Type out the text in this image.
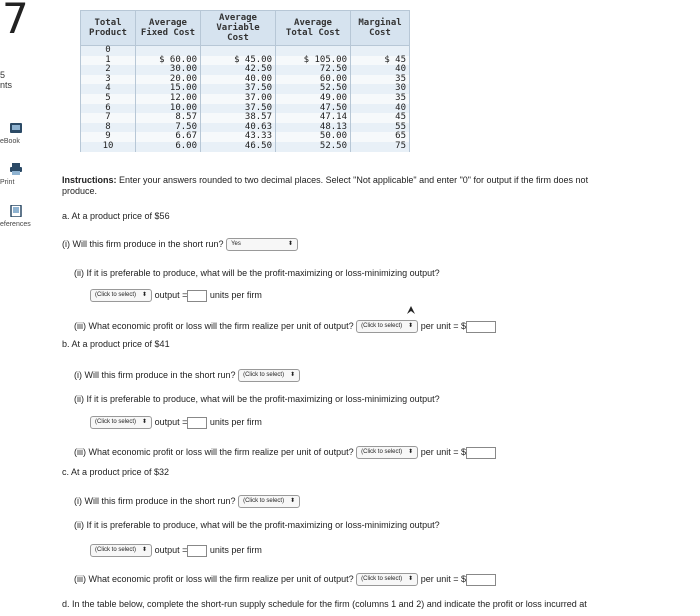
7
5
nts
eBook
Print
eferences
Total Product	Average Fixed Cost	Average Variable Cost	Average Total Cost	Marginal Cost
0				
1	$ 60.00	$ 45.00	$ 105.00	$ 45
2	30.00	42.50	72.50	40
3	20.00	40.00	60.00	35
4	15.00	37.50	52.50	30
5	12.00	37.00	49.00	35
6	10.00	37.50	47.50	40
7	8.57	38.57	47.14	45
8	7.50	40.63	48.13	55
9	6.67	43.33	50.00	65
10	6.00	46.50	52.50	75
Instructions: Enter your answers rounded to two decimal places. Select "Not applicable" and enter "0" for output if the firm does not
produce.
a. At a product price of $56
(i) Will this firm produce in the short run? Yes	⬍
(ii) If it is preferable to produce, what will be the profit-maximizing or loss-minimizing output?
(Click to select) ⬍ output =	units per firm
(iii) What economic profit or loss will the firm realize per unit of output? (Click to select) ⬍ per unit = $
b. At a product price of $41
(i) Will this firm produce in the short run? (Click to select) ⬍
(ii) If it is preferable to produce, what will be the profit-maximizing or loss-minimizing output?
(Click to select) ⬍ output =	units per firm
(iii) What economic profit or loss will the firm realize per unit of output? (Click to select) ⬍ per unit = $
c. At a product price of $32
(i) Will this firm produce in the short run? (Click to select) ⬍
(ii) If it is preferable to produce, what will be the profit-maximizing or loss-minimizing output?
(Click to select) ⬍ output =	units per firm
(iii) What economic profit or loss will the firm realize per unit of output? (Click to select) ⬍ per unit = $
d. In the table below, complete the short-run supply schedule for the firm (columns 1 and 2) and indicate the profit or loss incurred at
